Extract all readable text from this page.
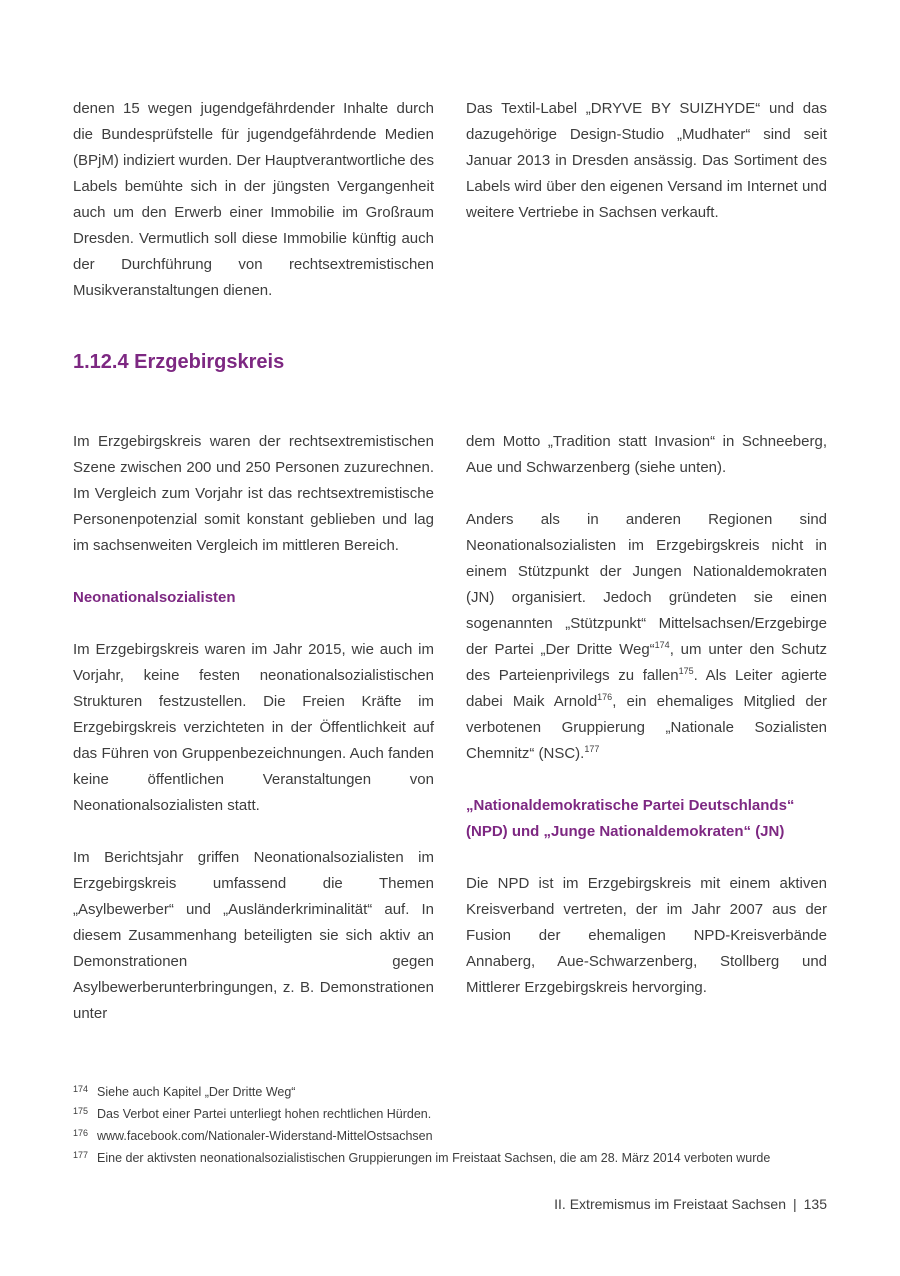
denen 15 wegen jugendgefährdender Inhalte durch die Bundesprüfstelle für jugendgefährdende Medien (BPjM) indiziert wurden. Der Hauptverantwortliche des Labels bemühte sich in der jüngsten Vergangenheit auch um den Erwerb einer Immobilie im Großraum Dresden. Vermutlich soll diese Immobilie künftig auch der Durchführung von rechtsextremistischen Musikveranstaltungen dienen.

Das Textil-Label „DRYVE BY SUIZHYDE“ und das dazugehörige Design-Studio „Mudhater“ sind seit Januar 2013 in Dresden ansässig. Das Sortiment des Labels wird über den eigenen Versand im Internet und weitere Vertriebe in Sachsen verkauft.

1.12.4 Erzgebirgskreis

Im Erzgebirgskreis waren der rechtsextremistischen Szene zwischen 200 und 250 Personen zuzurechnen. Im Vergleich zum Vorjahr ist das rechtsextremistische Personenpotenzial somit konstant geblieben und lag im sachsenweiten Vergleich im mittleren Bereich.

Neonationalsozialisten

Im Erzgebirgskreis waren im Jahr 2015, wie auch im Vorjahr, keine festen neonationalsozialistischen Strukturen festzustellen. Die Freien Kräfte im Erzgebirgskreis verzichteten in der Öffentlichkeit auf das Führen von Gruppenbezeichnungen. Auch fanden keine öffentlichen Veranstaltungen von Neonationalsozialisten statt.

Im Berichtsjahr griffen Neonationalsozialisten im Erzgebirgskreis umfassend die Themen „Asylbewerber“ und „Ausländerkriminalität“ auf. In diesem Zusammenhang beteiligten sie sich aktiv an Demonstrationen gegen Asylbewerberunterbringungen, z. B. Demonstrationen unter

dem Motto „Tradition statt Invasion“ in Schneeberg, Aue und Schwarzenberg (siehe unten).

Anders als in anderen Regionen sind Neonationalsozialisten im Erzgebirgskreis nicht in einem Stützpunkt der Jungen Nationaldemokraten (JN) organisiert. Jedoch gründeten sie einen sogenannten „Stützpunkt“ Mittelsachsen/Erzgebirge der Partei „Der Dritte Weg“$^{174}$, um unter den Schutz des Parteienprivilegs zu fallen$^{175}$. Als Leiter agierte dabei Maik Arnold$^{176}$, ein ehemaliges Mitglied der verbotenen Gruppierung „Nationale Sozialisten Chemnitz“ (NSC).$^{177}$

„Nationaldemokratische Partei Deutschlands“ (NPD) und „Junge Nationaldemokraten“ (JN)

Die NPD ist im Erzgebirgskreis mit einem aktiven Kreisverband vertreten, der im Jahr 2007 aus der Fusion der ehemaligen NPD-Kreisverbände Annaberg, Aue-Schwarzenberg, Stollberg und Mittlerer Erzgebirgskreis hervorging.

174 Siehe auch Kapitel „Der Dritte Weg“
175 Das Verbot einer Partei unterliegt hohen rechtlichen Hürden.
176 www.facebook.com/Nationaler-Widerstand-MittelOstsachsen
177 Eine der aktivsten neonationalsozialistischen Gruppierungen im Freistaat Sachsen, die am 28. März 2014 verboten wurde
II. Extremismus im Freistaat Sachsen | 135
